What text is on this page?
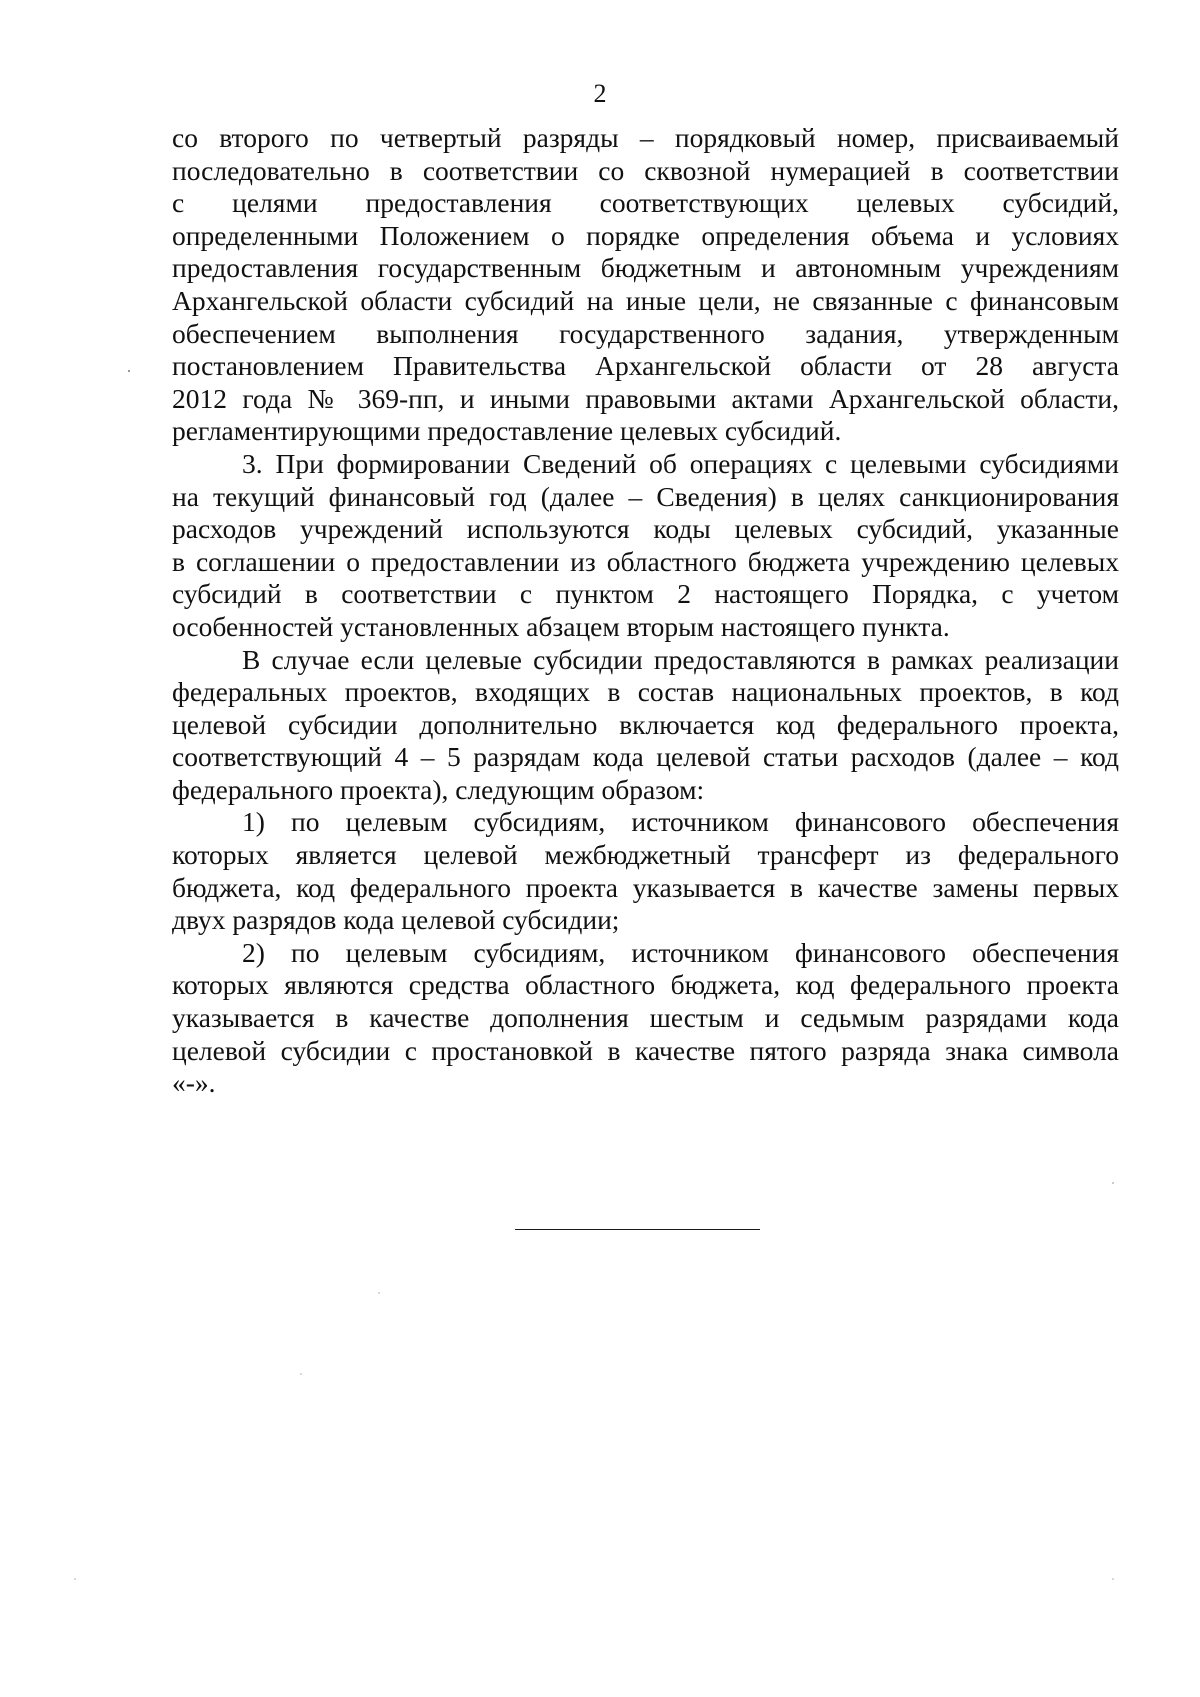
2

со второго по четвертый разряды – порядковый номер, присваиваемый
последовательно в соответствии со сквозной нумерацией в соответствии
с целями предоставления соответствующих целевых субсидий,
определенными Положением о порядке определения объема и условиях
предоставления государственным бюджетным и автономным учреждениям
Архангельской области субсидий на иные цели, не связанные с финансовым
обеспечением выполнения государственного задания, утвержденным
постановлением Правительства Архангельской области от 28 августа
2012 года № 369-пп, и иными правовыми актами Архангельской области,
регламентирующими предоставление целевых субсидий.

3. При формировании Сведений об операциях с целевыми субсидиями
на текущий финансовый год (далее – Сведения) в целях санкционирования
расходов учреждений используются коды целевых субсидий, указанные
в соглашении о предоставлении из областного бюджета учреждению целевых
субсидий в соответствии с пунктом 2 настоящего Порядка, с учетом
особенностей установленных абзацем вторым настоящего пункта.

В случае если целевые субсидии предоставляются в рамках реализации
федеральных проектов, входящих в состав национальных проектов, в код
целевой субсидии дополнительно включается код федерального проекта,
соответствующий 4 – 5 разрядам кода целевой статьи расходов (далее – код
федерального проекта), следующим образом:

1) по целевым субсидиям, источником финансового обеспечения
которых является целевой межбюджетный трансферт из федерального
бюджета, код федерального проекта указывается в качестве замены первых
двух разрядов кода целевой субсидии;

2) по целевым субсидиям, источником финансового обеспечения
которых являются средства областного бюджета, код федерального проекта
указывается в качестве дополнения шестым и седьмым разрядами кода
целевой субсидии с простановкой в качестве пятого разряда знака символа
«-».
